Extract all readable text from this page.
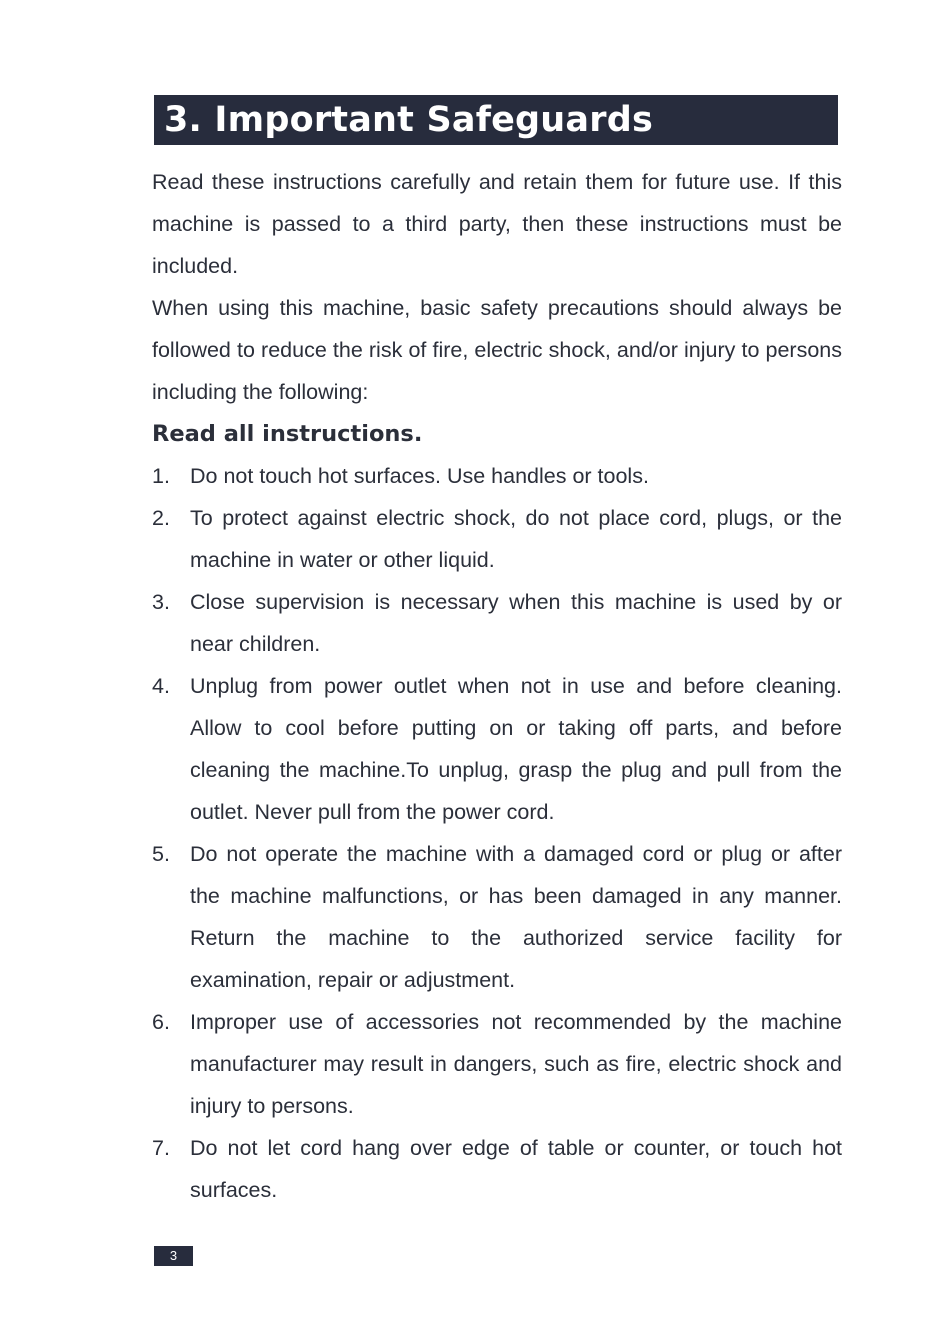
3. Important Safeguards

Read these instructions carefully and retain them for future use. If this machine is passed to a third party, then these instructions must be included.

When using this machine, basic safety precautions should always be followed to reduce the risk of fire, electric shock, and/or injury to persons including the following:

Read all instructions.

1. Do not touch hot surfaces. Use handles or tools.
2. To protect against electric shock, do not place cord, plugs, or the machine in water or other liquid.
3. Close supervision is necessary when this machine is used by or near children.
4. Unplug from power outlet when not in use and before cleaning. Allow to cool before putting on or taking off parts, and before cleaning the machine.To unplug, grasp the plug and pull from the outlet. Never pull from the power cord.
5. Do not operate the machine with a damaged cord or plug or after the machine malfunctions, or has been damaged in any manner. Return the machine to the authorized service facility for examination, repair or adjustment.
6. Improper use of accessories not recommended by the machine manufacturer may result in dangers, such as fire, electric shock and injury to persons.
7. Do not let cord hang over edge of table or counter, or touch hot surfaces.
3
